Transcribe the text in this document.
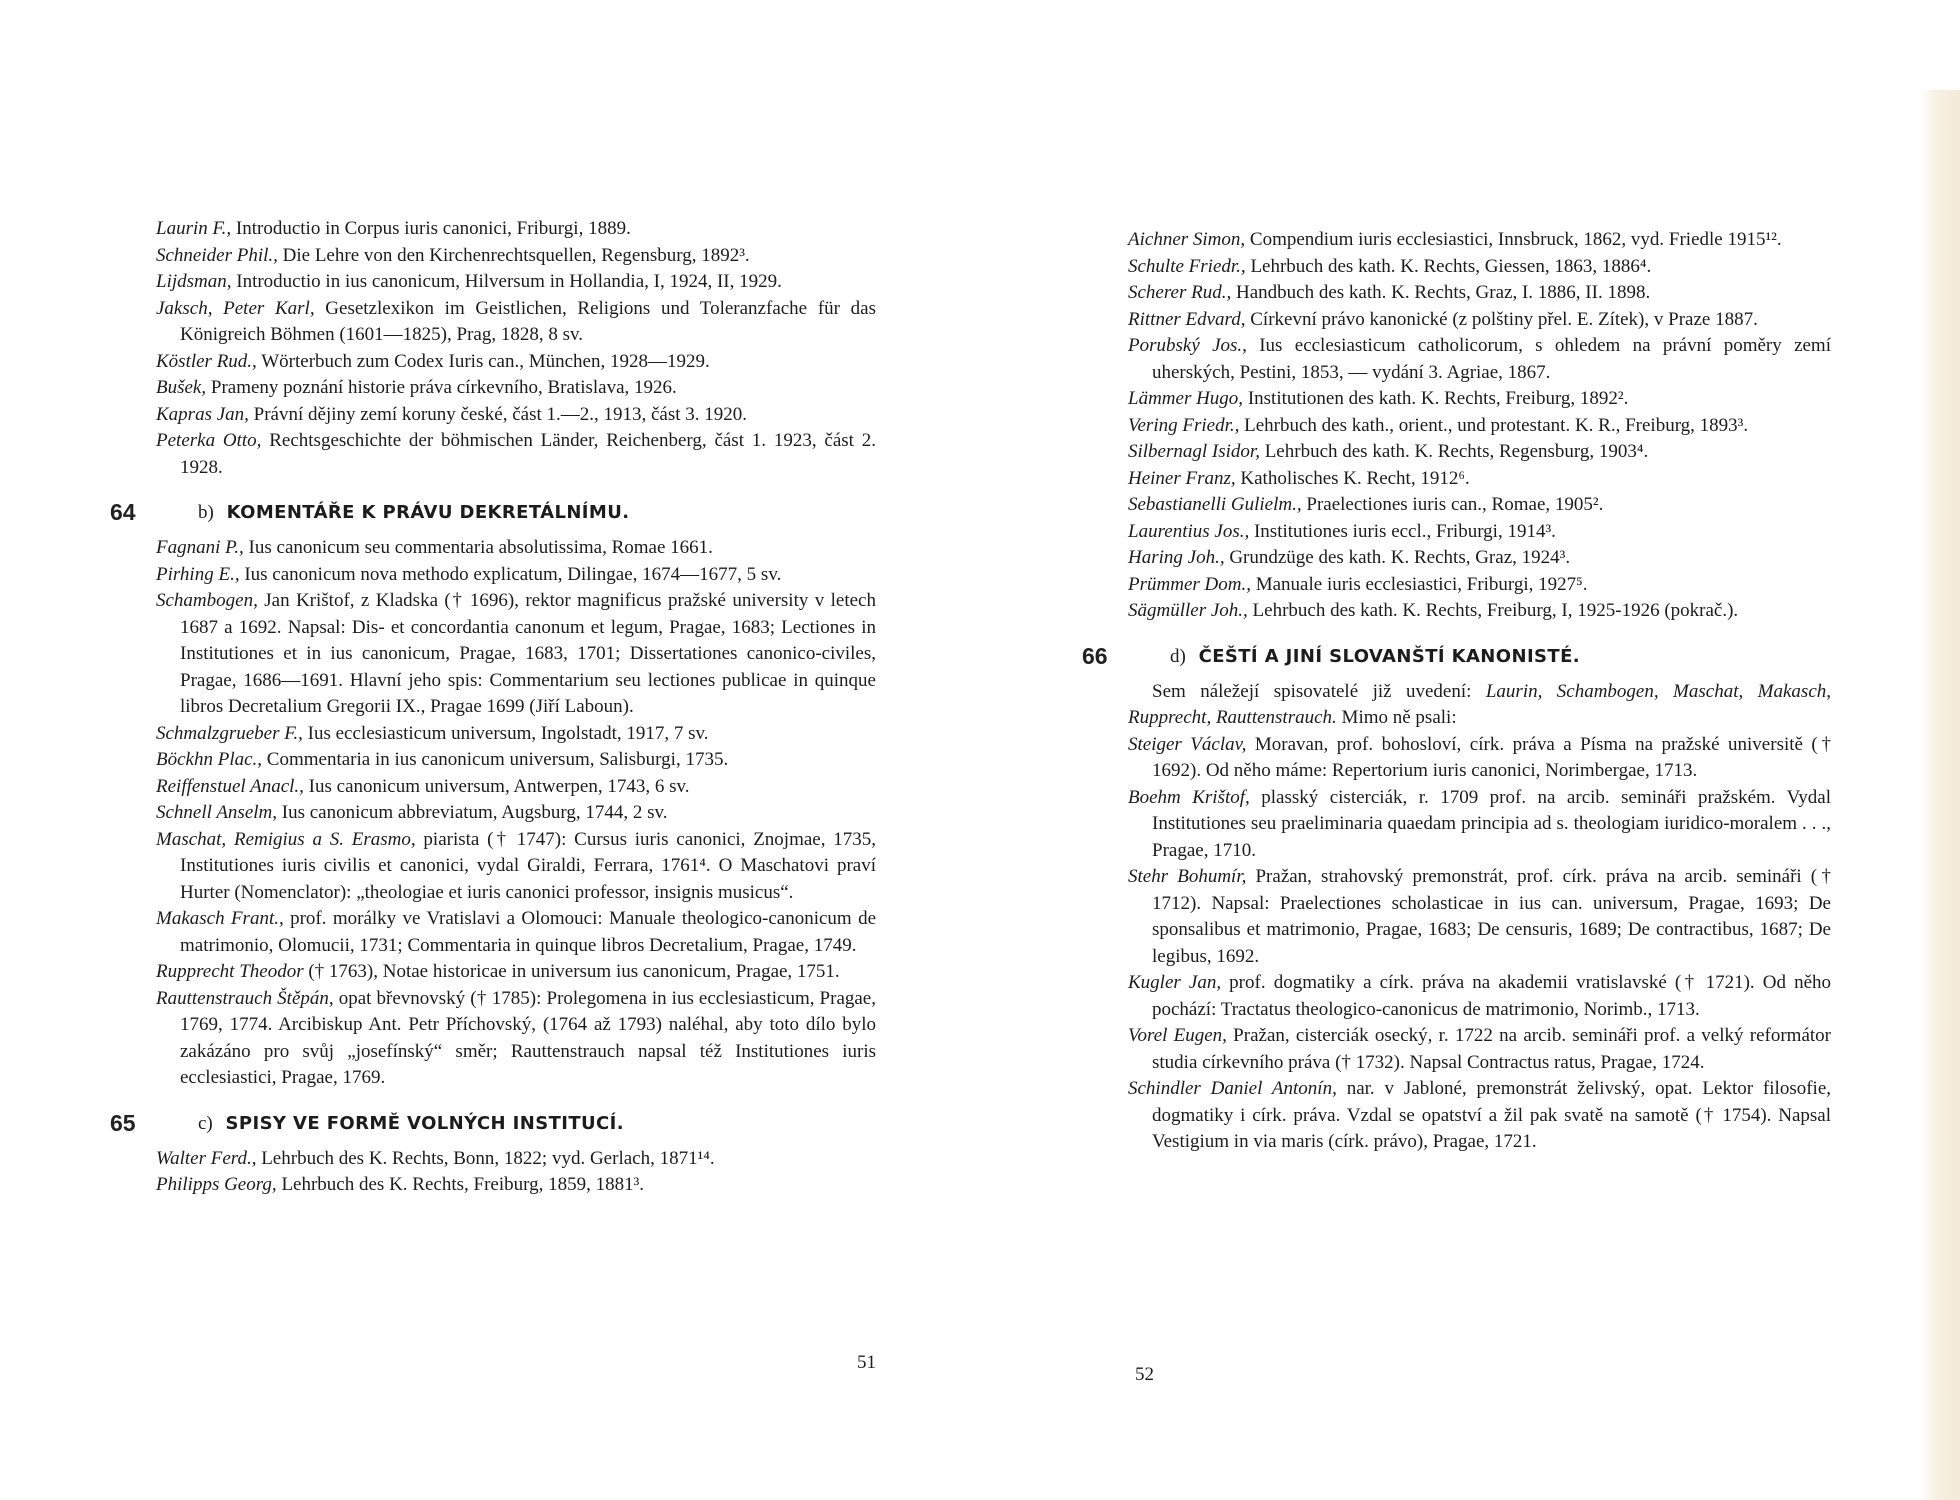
Laurin F., Introductio in Corpus iuris canonici, Friburgi, 1889.
Schneider Phil., Die Lehre von den Kirchenrechtsquellen, Regensburg, 1892³.
Lijdsman, Introductio in ius canonicum, Hilversum in Hollandia, I, 1924, II, 1929.
Jaksch, Peter Karl, Gesetzlexikon im Geistlichen, Religions und Toleranzfache für das Königreich Böhmen (1601—1825), Prag, 1828, 8 sv.
Köstler Rud., Wörterbuch zum Codex Iuris can., München, 1928—1929.
Bušek, Prameny poznání historie práva církevního, Bratislava, 1926.
Kapras Jan, Právní dějiny zemí koruny české, část 1.—2., 1913, část 3. 1920.
Peterka Otto, Rechtsgeschichte der böhmischen Länder, Reichenberg, část 1. 1923, část 2. 1928.
64	b) KOMENTÁŘE K PRÁVU DEKRETÁLNÍMU.
Fagnani P., Ius canonicum seu commentaria absolutissima, Romae 1661.
Pirhing E., Ius canonicum nova methodo explicatum, Dilingae, 1674—1677, 5 sv.
Schambogen, Jan Krištof, z Kladska († 1696), rektor magnificus pražské university v letech 1687 a 1692. Napsal: Dis- et concordantia canonum et legum, Pragae, 1683; Lectiones in Institutiones et in ius canonicum, Pragae, 1683, 1701; Dissertationes canonico-civiles, Pragae, 1686—1691. Hlavní jeho spis: Commentarium seu lectiones publicae in quinque libros Decretalium Gregorii IX., Pragae 1699 (Jiří Laboun).
Schmalzgrueber F., Ius ecclesiasticum universum, Ingolstadt, 1917, 7 sv.
Böckhn Plac., Commentaria in ius canonicum universum, Salisburgi, 1735.
Reiffenstuel Anacl., Ius canonicum universum, Antwerpen, 1743, 6 sv.
Schnell Anselm, Ius canonicum abbreviatum, Augsburg, 1744, 2 sv.
Maschat, Remigius a S. Erasmo, piarista († 1747): Cursus iuris canonici, Znojmae, 1735, Institutiones iuris civilis et canonici, vydal Giraldi, Ferrara, 1761⁴. O Maschatovi praví Hurter (Nomenclator): „theologiae et iuris canonici professor, insignis musicus“.
Makasch Frant., prof. morálky ve Vratislavi a Olomouci: Manuale theologico-canonicum de matrimonio, Olomucii, 1731; Commentaria in quinque libros Decretalium, Pragae, 1749.
Rupprecht Theodor († 1763), Notae historicae in universum ius canonicum, Pragae, 1751.
Rauttenstrauch Štěpán, opat břevnovský († 1785): Prolegomena in ius ecclesiasticum, Pragae, 1769, 1774. Arcibiskup Ant. Petr Příchovský, (1764 až 1793) naléhal, aby toto dílo bylo zakázáno pro svůj „josefínský“ směr; Rauttenstrauch napsal též Institutiones iuris ecclesiastici, Pragae, 1769.
65	c) SPISY VE FORMĚ VOLNÝCH INSTITUCÍ.
Walter Ferd., Lehrbuch des K. Rechts, Bonn, 1822; vyd. Gerlach, 1871¹⁴.
Philipps Georg, Lehrbuch des K. Rechts, Freiburg, 1859, 1881³.
51
Aichner Simon, Compendium iuris ecclesiastici, Innsbruck, 1862, vyd. Friedle 1915¹².
Schulte Friedr., Lehrbuch des kath. K. Rechts, Giessen, 1863, 1886⁴.
Scherer Rud., Handbuch des kath. K. Rechts, Graz, I. 1886, II. 1898.
Rittner Edvard, Církevní právo kanonické (z polštiny přel. E. Zítek), v Praze 1887.
Porubský Jos., Ius ecclesiasticum catholicorum, s ohledem na právní poměry zemí uherských, Pestini, 1853, — vydání 3. Agriae, 1867.
Lämmer Hugo, Institutionen des kath. K. Rechts, Freiburg, 1892².
Vering Friedr., Lehrbuch des kath., orient., und protestant. K. R., Freiburg, 1893³.
Silbernagl Isidor, Lehrbuch des kath. K. Rechts, Regensburg, 1903⁴.
Heiner Franz, Katholisches K. Recht, 1912⁶.
Sebastianelli Gulielm., Praelectiones iuris can., Romae, 1905².
Laurentius Jos., Institutiones iuris eccl., Friburgi, 1914³.
Haring Joh., Grundzüge des kath. K. Rechts, Graz, 1924³.
Prümmer Dom., Manuale iuris ecclesiastici, Friburgi, 1927⁵.
Sägmüller Joh., Lehrbuch des kath. K. Rechts, Freiburg, I, 1925-1926 (pokrač.).
66	d) ČEŠTÍ A JINÍ SLOVANŠTÍ KANONISTÉ.
Sem náležejí spisovatelé již uvedení: Laurin, Schambogen, Maschat, Makasch, Rupprecht, Rauttenstrauch. Mimo ně psali:
Steiger Václav, Moravan, prof. bohosloví, círk. práva a Písma na pražské universitě († 1692). Od něho máme: Repertorium iuris canonici, Norimbergae, 1713.
Boehm Krištof, plasský cisterciák, r. 1709 prof. na arcib. semináři pražském. Vydal Institutiones seu praeliminaria quaedam principia ad s. theologiam iuridico-moralem . . ., Pragae, 1710.
Stehr Bohumír, Pražan, strahovský premonstrát, prof. círk. práva na arcib. semináři († 1712). Napsal: Praelectiones scholasticae in ius can. universum, Pragae, 1693; De sponsalibus et matrimonio, Pragae, 1683; De censuris, 1689; De contractibus, 1687; De legibus, 1692.
Kugler Jan, prof. dogmatiky a círk. práva na akademii vratislavské († 1721). Od něho pochází: Tractatus theologico-canonicus de matrimonio, Norimb., 1713.
Vorel Eugen, Pražan, cisterciák osecký, r. 1722 na arcib. semináři prof. a velký reformátor studia církevního práva († 1732). Napsal Contractus ratus, Pragae, 1724.
Schindler Daniel Antonín, nar. v Jabloné, premonstrát želivský, opat. Lektor filosofie, dogmatiky i círk. práva. Vzdal se opatství a žil pak svatě na samotě († 1754). Napsal Vestigium in via maris (círk. právo), Pragae, 1721.
52
